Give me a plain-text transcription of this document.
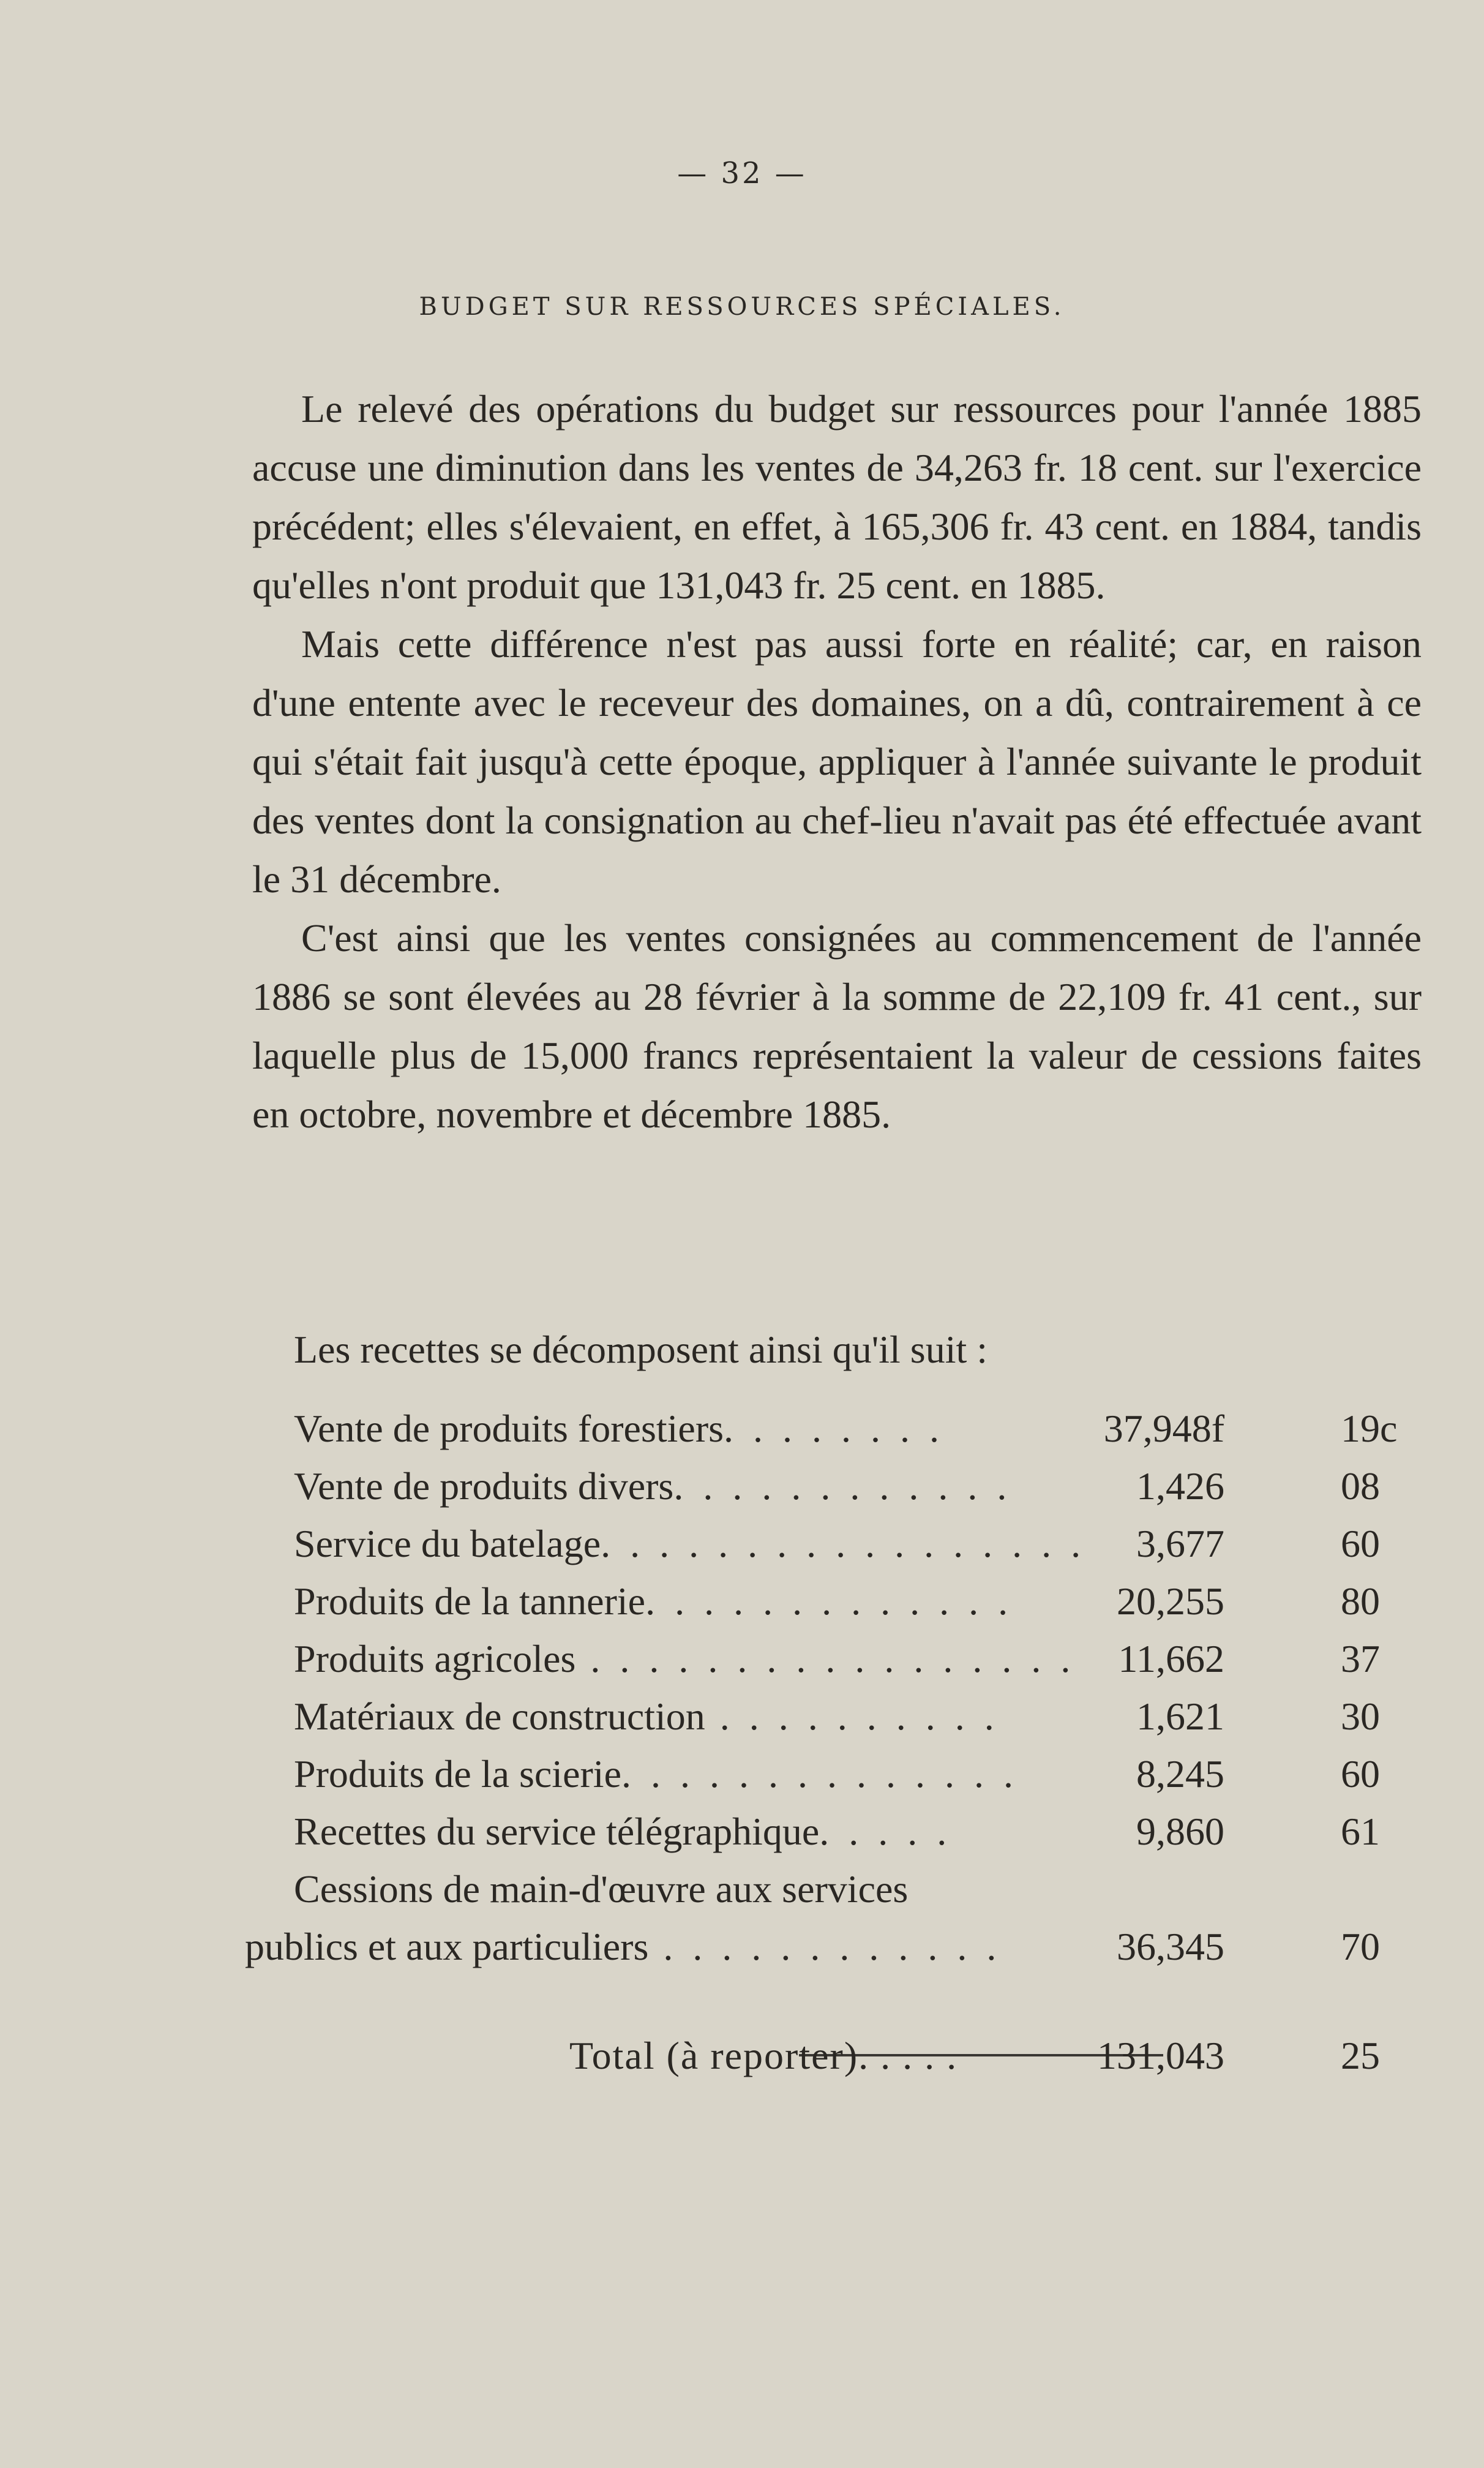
— 32 —
BUDGET SUR RESSOURCES SPÉCIALES.

Le relevé des opérations du budget sur ressources pour l'année 1885 accuse une diminution dans les ventes de 34,263 fr. 18 cent. sur l'exercice précédent; elles s'élevaient, en effet, à 165,306 fr. 43 cent. en 1884, tandis qu'elles n'ont produit que 131,043 fr. 25 cent. en 1885.

Mais cette différence n'est pas aussi forte en réalité; car, en raison d'une entente avec le receveur des domaines, on a dû, contrairement à ce qui s'était fait jusqu'à cette époque, appliquer à l'année suivante le produit des ventes dont la consignation au chef-lieu n'avait pas été effectuée avant le 31 décembre.

C'est ainsi que les ventes consignées au commencement de l'année 1886 se sont élevées au 28 février à la somme de 22,109 fr. 41 cent., sur laquelle plus de 15,000 francs représentaient la valeur de cessions faites en octobre, novembre et décembre 1885.

Les recettes se décomposent ainsi qu'il suit :
Vente de produits forestiers. . . . . . . .	37,948f	19c
Vente de produits divers. . . . . . . . . . . .	1,426	08
Service du batelage. . . . . . . . . . . . . . . . . 3,677	60
Produits de la tannerie. . . . . . . . . . . . .	20,255	80
Produits agricoles . . . . . . . . . . . . . . . . . 11,662	37
Matériaux de construction . . . . . . . . . .	1,621	30
Produits de la scierie. . . . . . . . . . . . . .	8,245	60
Recettes du service télégraphique. . . . .	9,860	61
Cessions de main-d'œuvre aux services
publics et aux particuliers . . . . . . . . . . . .	36,345	70
Total (à reporter). . . . .	131,043	25
